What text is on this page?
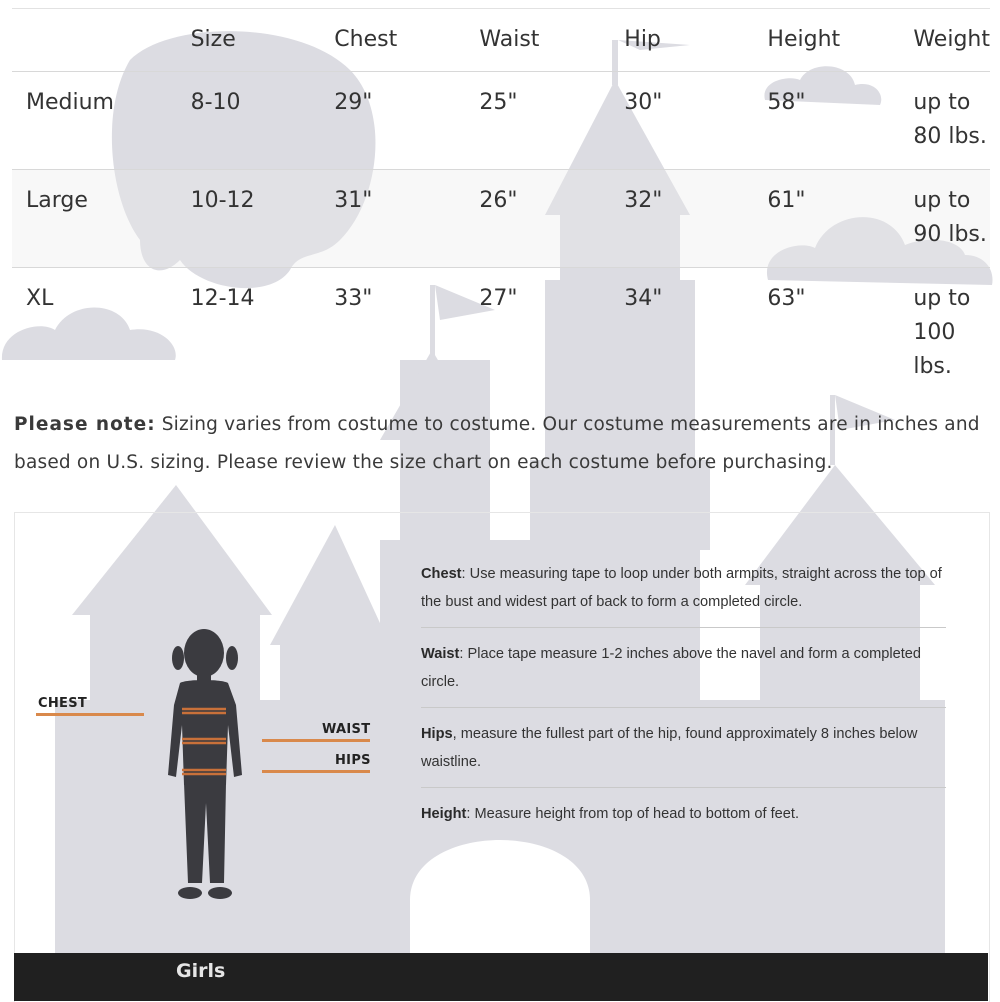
	Size	Chest	Waist	Hip	Height	Weight
Medium	8-10	29"	25"	30"	58"	up to 80 lbs.
Large	10-12	31"	26"	32"	61"	up to 90 lbs.
XL	12-14	33"	27"	34"	63"	up to 100 lbs.

Please note: Sizing varies from costume to costume. Our costume measurements are in inches and based on U.S. sizing. Please review the size chart on each costume before purchasing.

Girls
CHEST
WAIST
HIPS
Chest: Use measuring tape to loop under both armpits, straight across the top of the bust and widest part of back to form a completed circle.
Waist: Place tape measure 1-2 inches above the navel and form a completed circle.
Hips, measure the fullest part of the hip, found approximately 8 inches below waistline.
Height: Measure height from top of head to bottom of feet.
